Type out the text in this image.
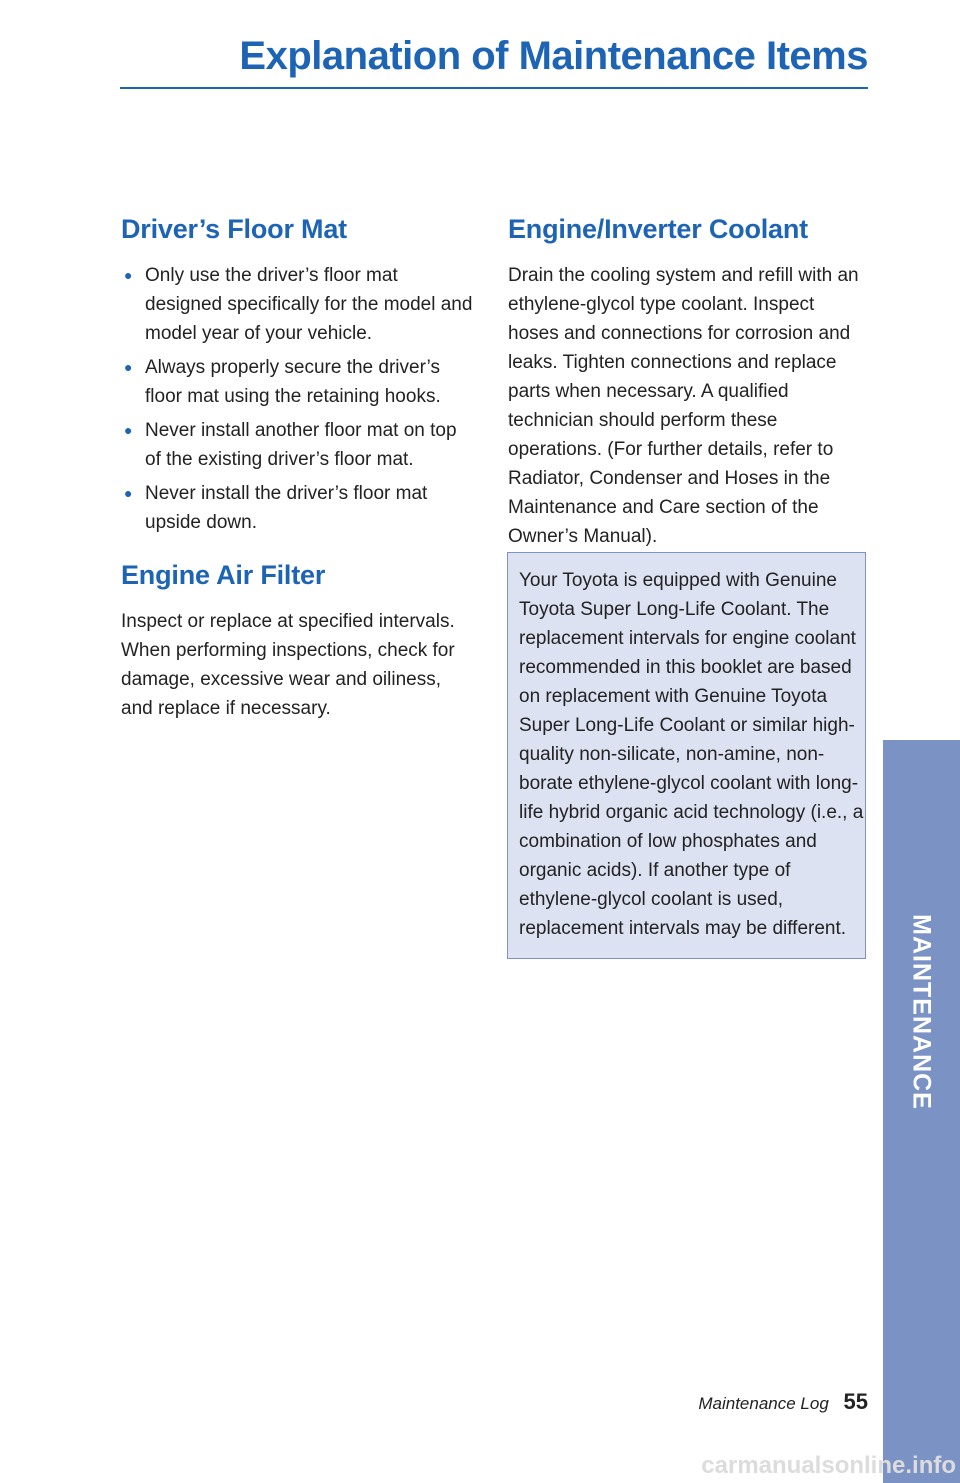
Explanation of Maintenance Items
Driver’s Floor Mat
● Only use the driver’s floor mat designed specifically for the model and model year of your vehicle.
● Always properly secure the driver’s floor mat using the retaining hooks.
● Never install another floor mat on top of the existing driver’s floor mat.
● Never install the driver’s floor mat upside down.
Engine Air Filter

Inspect or replace at specified intervals. When performing inspections, check for damage, excessive wear and oiliness, and replace if necessary.

Engine/Inverter Coolant

Drain the cooling system and refill with an ethylene-glycol type coolant. Inspect hoses and connections for corrosion and leaks. Tighten connections and replace parts when necessary. A qualified technician should perform these operations. (For further details, refer to Radiator, Condenser and Hoses in the Maintenance and Care section of the Owner’s Manual).

Your Toyota is equipped with Genuine Toyota Super Long-Life Coolant. The replacement intervals for engine coolant recommended in this booklet are based on replacement with Genuine Toyota Super Long-Life Coolant or similar high-quality non-silicate, non-amine, non-borate ethylene-glycol coolant with long-life hybrid organic acid technology (i.e., a combination of low phosphates and organic acids). If another type of ethylene-glycol coolant is used, replacement intervals may be different.	MAINTENANCE
Maintenance Log 55
carmanualsonline.info
